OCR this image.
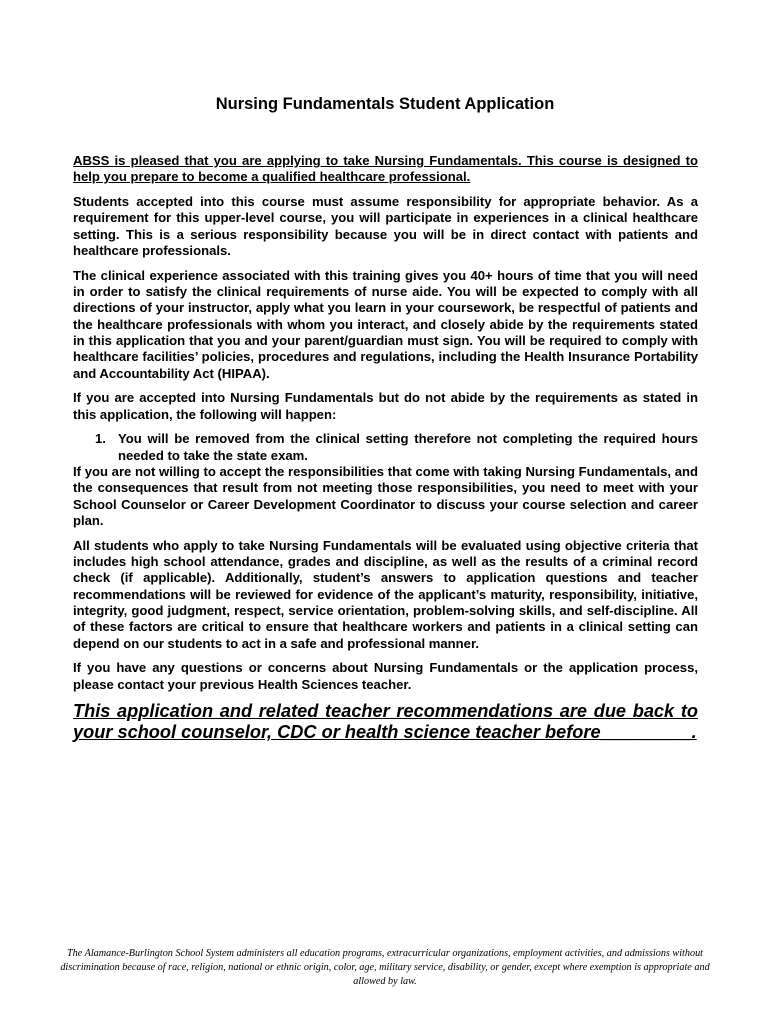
Nursing Fundamentals Student Application

ABSS is pleased that you are applying to take Nursing Fundamentals. This course is designed to help you prepare to become a qualified healthcare professional.

Students accepted into this course must assume responsibility for appropriate behavior. As a requirement for this upper-level course, you will participate in experiences in a clinical healthcare setting. This is a serious responsibility because you will be in direct contact with patients and healthcare professionals.

The clinical experience associated with this training gives you 40+ hours of time that you will need in order to satisfy the clinical requirements of nurse aide. You will be expected to comply with all directions of your instructor, apply what you learn in your coursework, be respectful of patients and the healthcare professionals with whom you interact, and closely abide by the requirements stated in this application that you and your parent/guardian must sign. You will be required to comply with healthcare facilities’ policies, procedures and regulations, including the Health Insurance Portability and Accountability Act (HIPAA).

If you are accepted into Nursing Fundamentals but do not abide by the requirements as stated in this application, the following will happen:

1. You will be removed from the clinical setting therefore not completing the required hours needed to take the state exam.

If you are not willing to accept the responsibilities that come with taking Nursing Fundamentals, and the consequences that result from not meeting those responsibilities, you need to meet with your School Counselor or Career Development Coordinator to discuss your course selection and career plan.

All students who apply to take Nursing Fundamentals will be evaluated using objective criteria that includes high school attendance, grades and discipline, as well as the results of a criminal record check (if applicable). Additionally, student’s answers to application questions and teacher recommendations will be reviewed for evidence of the applicant’s maturity, responsibility, initiative, integrity, good judgment, respect, service orientation, problem-solving skills, and self-discipline. All of these factors are critical to ensure that healthcare workers and patients in a clinical setting can depend on our students to act in a safe and professional manner.

If you have any questions or concerns about Nursing Fundamentals or the application process, please contact your previous Health Sciences teacher.

This application and related teacher recommendations are due back to your school counselor, CDC or health science teacher before_________.

The Alamance-Burlington School System administers all education programs, extracurricular organizations, employment activities, and admissions without discrimination because of race, religion, national or ethnic origin, color, age, military service, disability, or gender, except where exemption is appropriate and allowed by law.
